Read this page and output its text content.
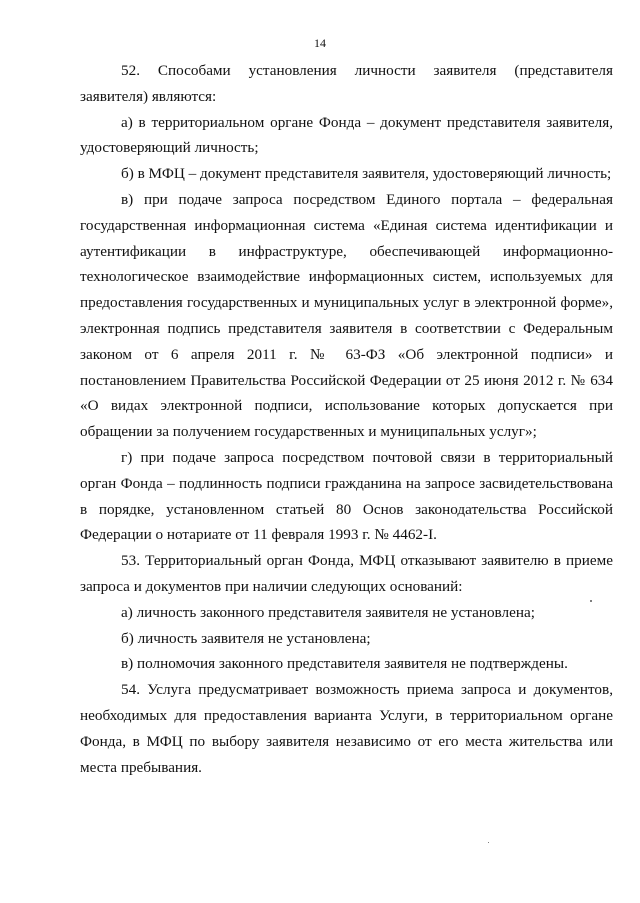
14

52. Способами установления личности заявителя (представителя заявителя) являются:

а) в территориальном органе Фонда – документ представителя заявителя, удостоверяющий личность;

б) в МФЦ – документ представителя заявителя, удостоверяющий личность;

в) при подаче запроса посредством Единого портала – федеральная государственная информационная система «Единая система идентификации и аутентификации в инфраструктуре, обеспечивающей информационно-технологическое взаимодействие информационных систем, используемых для предоставления государственных и муниципальных услуг в электронной форме», электронная подпись представителя заявителя в соответствии с Федеральным законом от 6 апреля 2011 г. № 63-ФЗ «Об электронной подписи» и постановлением Правительства Российской Федерации от 25 июня 2012 г. № 634 «О видах электронной подписи, использование которых допускается при обращении за получением государственных и муниципальных услуг»;

г) при подаче запроса посредством почтовой связи в территориальный орган Фонда – подлинность подписи гражданина на запросе засвидетельствована в порядке, установленном статьей 80 Основ законодательства Российской Федерации о нотариате от 11 февраля 1993 г. № 4462-I.

53. Территориальный орган Фонда, МФЦ отказывают заявителю в приеме запроса и документов при наличии следующих оснований:

а) личность законного представителя заявителя не установлена;

б) личность заявителя не установлена;

в) полномочия законного представителя заявителя не подтверждены.

54. Услуга предусматривает возможность приема запроса и документов, необходимых для предоставления варианта Услуги, в территориальном органе Фонда, в МФЦ по выбору заявителя независимо от его места жительства или места пребывания.
